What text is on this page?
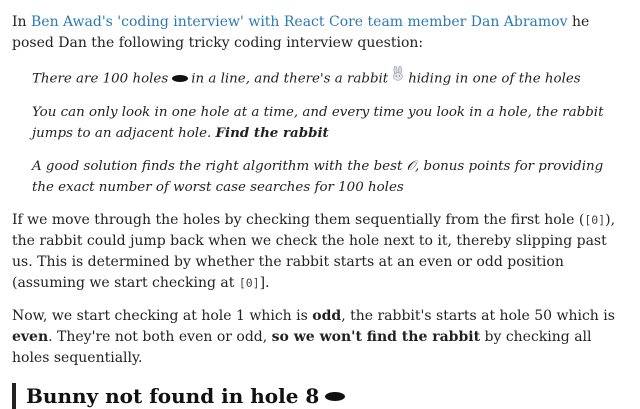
In Ben Awad's 'coding interview' with React Core team member Dan Abramov he posed Dan the following tricky coding interview question:

There are 100 holes in a line, and there's a rabbit hiding in one of the holes

You can only look in one hole at a time, and every time you look in a hole, the rabbit jumps to an adjacent hole. Find the rabbit

A good solution finds the right algorithm with the best 𝒪, bonus points for providing the exact number of worst case searches for 100 holes

If we move through the holes by checking them sequentially from the first hole ([0]), the rabbit could jump back when we check the hole next to it, thereby slipping past us. This is determined by whether the rabbit starts at an even or odd position (assuming we start checking at [0]].

Now, we start checking at hole 1 which is odd, the rabbit's starts at hole 50 which is even. They're not both even or odd, so we won't find the rabbit by checking all holes sequentially.

Bunny not found in hole 8
